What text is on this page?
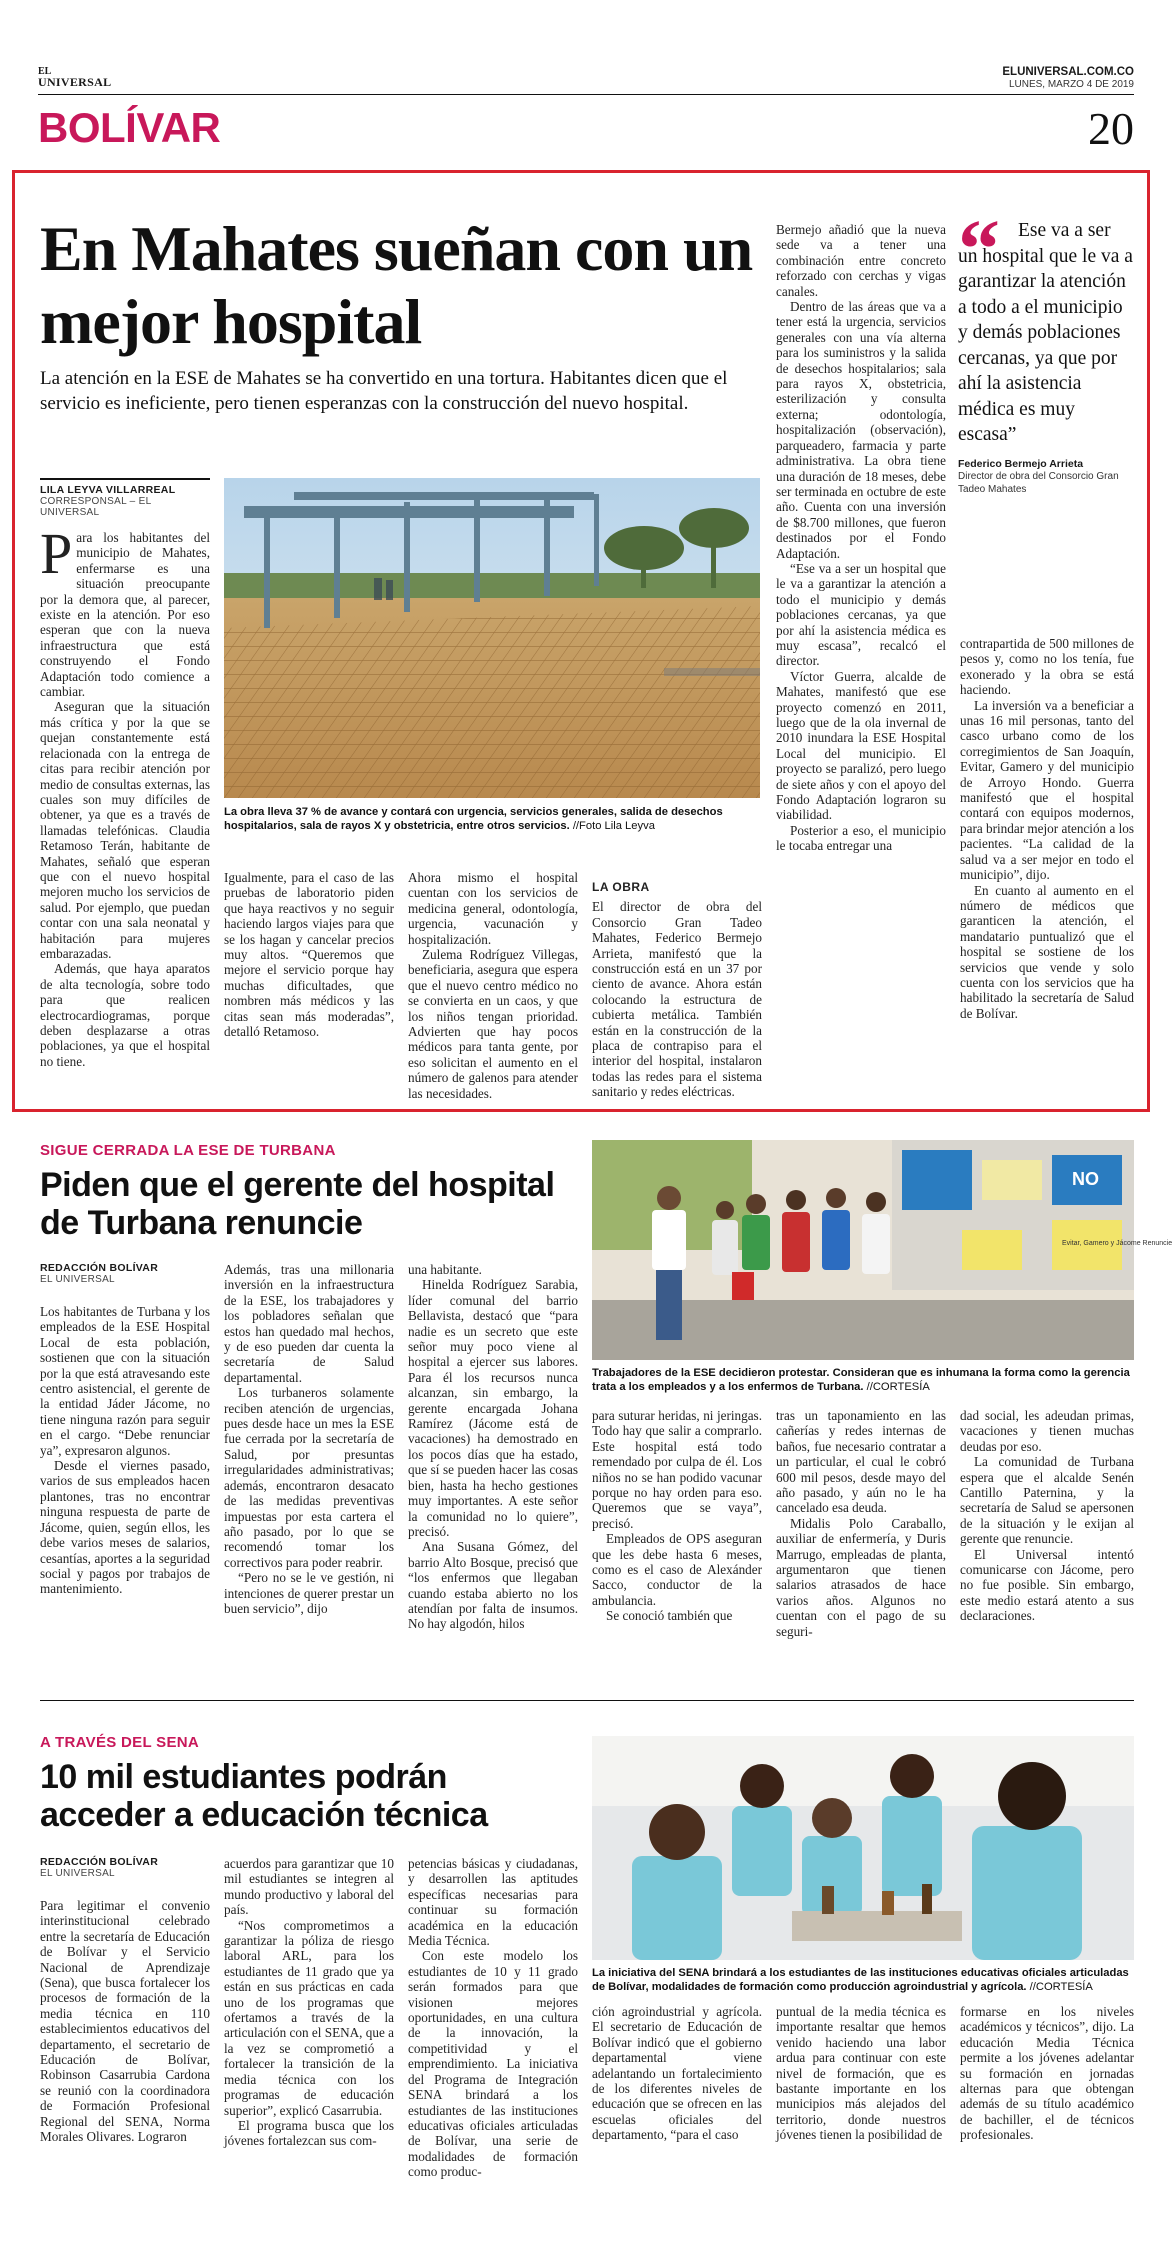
EL
UNIVERSAL
ELUNIVERSAL.COM.CO
LUNES, MARZO 4 DE 2019
BOLÍVAR	20
En Mahates sueñan con un mejor hospital
La atención en la ESE de Mahates se ha convertido en una tortura. Habitantes dicen que el servicio es ineficiente, pero tienen esperanzas con la construcción del nuevo hospital.
LILA LEYVA VILLARREAL
CORRESPONSAL – EL UNIVERSAL
La obra lleva 37 % de avance y contará con urgencia, servicios generales, salida de desechos hospitalarios, sala de rayos X y obstetricia, entre otros servicios. //Foto Lila Leyva
“ Ese va a ser un hospital que le va a garantizar la atención a todo a el municipio y demás poblaciones cercanas, ya que por ahí la asistencia médica es muy escasa”
Federico Bermejo Arrieta
Director de obra del Consorcio Gran Tadeo Mahates

Para los habitantes del municipio de Mahates, enfermarse es una situación preocupante por la demora que, al parecer, existe en la atención. Por eso esperan que con la nueva infraestructura que está construyendo el Fondo Adaptación todo comience a cambiar.

Aseguran que la situación más crítica y por la que se quejan constantemente está relacionada con la entrega de citas para recibir atención por medio de consultas externas, las cuales son muy difíciles de obtener, ya que es a través de llamadas telefónicas. Claudia Retamoso Terán, habitante de Mahates, señaló que esperan que con el nuevo hospital mejoren mucho los servicios de salud. Por ejemplo, que puedan contar con una sala neonatal y habitación para mujeres embarazadas.

Además, que haya aparatos de alta tecnología, sobre todo para que realicen electrocardiogramas, porque deben desplazarse a otras poblaciones, ya que el hospital no tiene.

Igualmente, para el caso de las pruebas de laboratorio piden que haya reactivos y no seguir haciendo largos viajes para que se los hagan y cancelar precios muy altos. “Queremos que mejore el servicio porque hay muchas dificultades, que nombren más médicos y las citas sean más moderadas”, detalló Retamoso.

Ahora mismo el hospital cuentan con los servicios de medicina general, odontología, urgencia, vacunación y hospitalización.

Zulema Rodríguez Villegas, beneficiaria, asegura que espera que el nuevo centro médico no se convierta en un caos, y que los niños tengan prioridad. Advierten que hay pocos médicos para tanta gente, por eso solicitan el aumento en el número de galenos para atender las necesidades.

LA OBRA

El director de obra del Consorcio Gran Tadeo Mahates, Federico Bermejo Arrieta, manifestó que la construcción está en un 37 por ciento de avance. Ahora están colocando la estructura de cubierta metálica. También están en la construcción de la placa de contrapiso para el interior del hospital, instalaron todas las redes para el sistema sanitario y redes eléctricas.

Bermejo añadió que la nueva sede va a tener una combinación entre concreto reforzado con cerchas y vigas canales.

Dentro de las áreas que va a tener está la urgencia, servicios generales con una vía alterna para los suministros y la salida de desechos hospitalarios; sala para rayos X, obstetricia, esterilización y consulta externa; odontología, hospitalización (observación), parqueadero, farmacia y parte administrativa. La obra tiene una duración de 18 meses, debe ser terminada en octubre de este año. Cuenta con una inversión de $8.700 millones, que fueron destinados por el Fondo Adaptación.

“Ese va a ser un hospital que le va a garantizar la atención a todo el municipio y demás poblaciones cercanas, ya que por ahí la asistencia médica es muy escasa”, recalcó el director.

Víctor Guerra, alcalde de Mahates, manifestó que ese proyecto comenzó en 2011, luego que de la ola invernal de 2010 inundara la ESE Hospital Local del municipio. El proyecto se paralizó, pero luego de siete años y con el apoyo del Fondo Adaptación lograron su viabilidad.

Posterior a eso, el municipio le tocaba entregar una

contrapartida de 500 millones de pesos y, como no los tenía, fue exonerado y la obra se está haciendo.

La inversión va a beneficiar a unas 16 mil personas, tanto del casco urbano como de los corregimientos de San Joaquín, Evitar, Gamero y del municipio de Arroyo Hondo. Guerra manifestó que el hospital contará con equipos modernos, para brindar mejor atención a los pacientes. “La calidad de la salud va a ser mejor en todo el municipio”, dijo.

En cuanto al aumento en el número de médicos que garanticen la atención, el mandatario puntualizó que el hospital se sostiene de los servicios que vende y solo cuenta con los servicios que ha habilitado la secretaría de Salud de Bolívar.

SIGUE CERRADA LA ESE DE TURBANA
Piden que el gerente del hospital de Turbana renuncie
REDACCIÓN BOLÍVAR
EL UNIVERSAL
NO
Evitar, Gamero y Jácome Renuncie
Trabajadores de la ESE decidieron protestar. Consideran que es inhumana la forma como la gerencia trata a los empleados y a los enfermos de Turbana. //CORTESÍA

Los habitantes de Turbana y los empleados de la ESE Hospital Local de esta población, sostienen que con la situación por la que está atravesando este centro asistencial, el gerente de la entidad Jáder Jácome, no tiene ninguna razón para seguir en el cargo. “Debe renunciar ya”, expresaron algunos.

Desde el viernes pasado, varios de sus empleados hacen plantones, tras no encontrar ninguna respuesta de parte de Jácome, quien, según ellos, les debe varios meses de salarios, cesantías, aportes a la seguridad social y pagos por trabajos de mantenimiento.

Además, tras una millonaria inversión en la infraestructura de la ESE, los trabajadores y los pobladores señalan que estos han quedado mal hechos, y de eso pueden dar cuenta la secretaría de Salud departamental.

Los turbaneros solamente reciben atención de urgencias, pues desde hace un mes la ESE fue cerrada por la secretaría de Salud, por presuntas irregularidades administrativas; además, encontraron desacato de las medidas preventivas impuestas por esta cartera el año pasado, por lo que se recomendó tomar los correctivos para poder reabrir.

“Pero no se le ve gestión, ni intenciones de querer prestar un buen servicio”, dijo

una habitante.

Hinelda Rodríguez Sarabia, líder comunal del barrio Bellavista, destacó que “para nadie es un secreto que este señor muy poco viene al hospital a ejercer sus labores. Para él los recursos nunca alcanzan, sin embargo, la gerente encargada Johana Ramírez (Jácome está de vacaciones) ha demostrado en los pocos días que ha estado, que sí se pueden hacer las cosas bien, hasta ha hecho gestiones muy importantes. A este señor la comunidad no lo quiere”, precisó.

Ana Susana Gómez, del barrio Alto Bosque, precisó que “los enfermos que llegaban cuando estaba abierto no los atendían por falta de insumos. No hay algodón, hilos

para suturar heridas, ni jeringas. Todo hay que salir a comprarlo. Este hospital está todo remendado por culpa de él. Los niños no se han podido vacunar porque no hay orden para eso. Queremos que se vaya”, precisó.

Empleados de OPS aseguran que les debe hasta 6 meses, como es el caso de Alexánder Sacco, conductor de la ambulancia.

Se conoció también que

tras un taponamiento en las cañerías y redes internas de baños, fue necesario contratar a un particular, el cual le cobró 600 mil pesos, desde mayo del año pasado, y aún no le ha cancelado esa deuda.

Midalis Polo Caraballo, auxiliar de enfermería, y Duris Marrugo, empleadas de planta, argumentaron que tienen salarios atrasados de hace varios años. Algunos no cuentan con el pago de su seguri-

dad social, les adeudan primas, vacaciones y tienen muchas deudas por eso.

La comunidad de Turbana espera que el alcalde Senén Cantillo Paternina, y la secretaría de Salud se apersonen de la situación y le exijan al gerente que renuncie.

El Universal intentó comunicarse con Jácome, pero no fue posible. Sin embargo, este medio estará atento a sus declaraciones.

A TRAVÉS DEL SENA
10 mil estudiantes podrán acceder a educación técnica
REDACCIÓN BOLÍVAR
EL UNIVERSAL
La iniciativa del SENA brindará a los estudiantes de las instituciones educativas oficiales articuladas de Bolívar, modalidades de formación como producción agroindustrial y agrícola. //CORTESÍA

Para legitimar el convenio interinstitucional celebrado entre la secretaría de Educación de Bolívar y el Servicio Nacional de Aprendizaje (Sena), que busca fortalecer los procesos de formación de la media técnica en 110 establecimientos educativos del departamento, el secretario de Educación de Bolívar, Robinson Casarrubia Cardona se reunió con la coordinadora de Formación Profesional Regional del SENA, Norma Morales Olivares. Lograron

acuerdos para garantizar que 10 mil estudiantes se integren al mundo productivo y laboral del país.

“Nos comprometimos a garantizar la póliza de riesgo laboral ARL, para los estudiantes de 11 grado que ya están en sus prácticas en cada uno de los programas que ofertamos a través de la articulación con el SENA, que a la vez se comprometió a fortalecer la transición de la media técnica con los programas de educación superior”, explicó Casarrubia.

El programa busca que los jóvenes fortalezcan sus com-

petencias básicas y ciudadanas, y desarrollen las aptitudes específicas necesarias para continuar su formación académica en la educación Media Técnica.

Con este modelo los estudiantes de 10 y 11 grado serán formados para que visionen mejores oportunidades, en una cultura de la innovación, la competitividad y el emprendimiento. La iniciativa del Programa de Integración SENA brindará a los estudiantes de las instituciones educativas oficiales articuladas de Bolívar, una serie de modalidades de formación como produc-

ción agroindustrial y agrícola. El secretario de Educación de Bolívar indicó que el gobierno departamental viene adelantando un fortalecimiento de los diferentes niveles de educación que se ofrecen en las escuelas oficiales del departamento, “para el caso

puntual de la media técnica es importante resaltar que hemos venido haciendo una labor ardua para continuar con este nivel de formación, que es bastante importante en los municipios más alejados del territorio, donde nuestros jóvenes tienen la posibilidad de

formarse en los niveles académicos y técnicos”, dijo. La educación Media Técnica permite a los jóvenes adelantar su formación en jornadas alternas para que obtengan además de su título académico de bachiller, el de técnicos profesionales.
